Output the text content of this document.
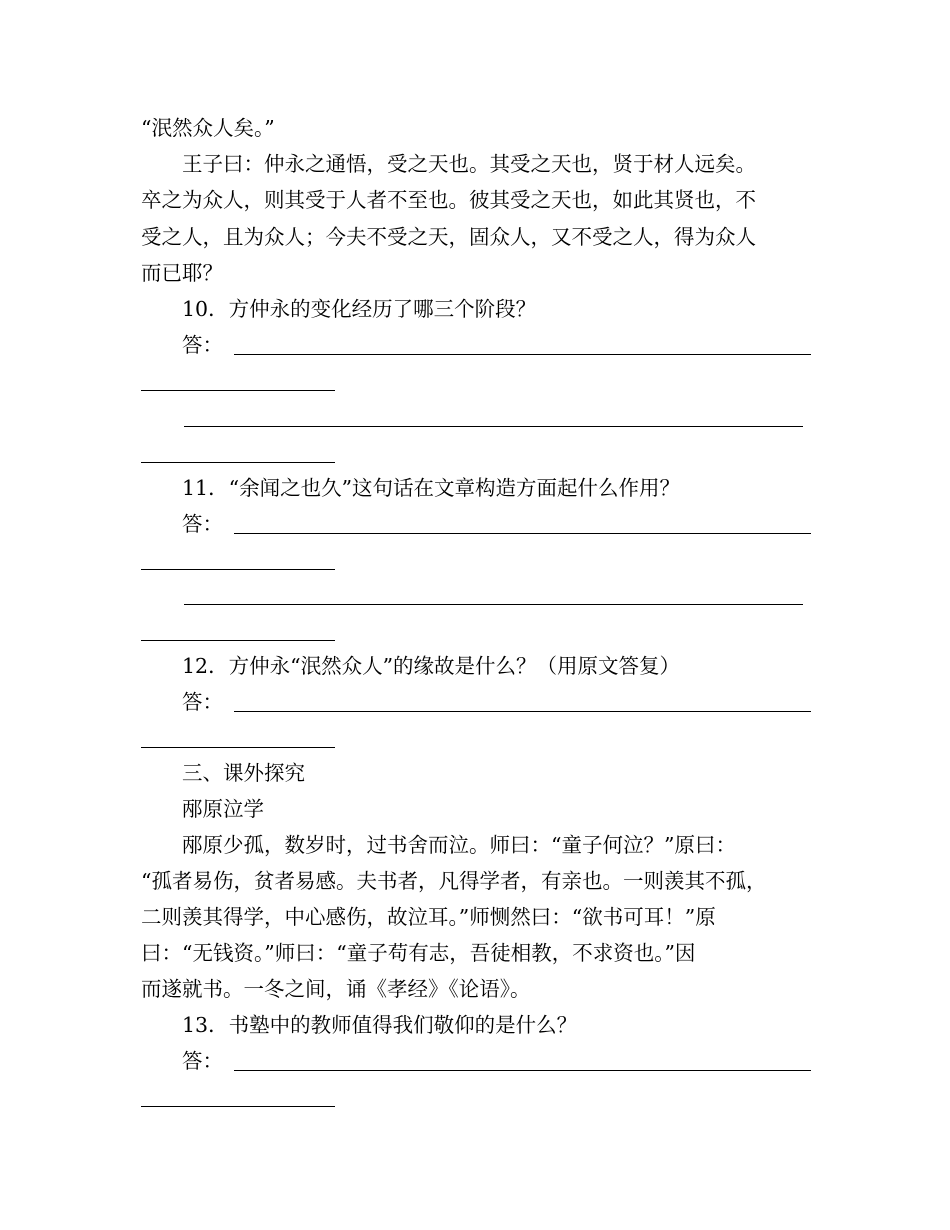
“泯然众人矣。”
王子曰：仲永之通悟，受之天也。其受之天也，贤于材人远矣。
卒之为众人，则其受于人者不至也。彼其受之天也，如此其贤也，不
受之人，且为众人；今夫不受之天，固众人，又不受之人，得为众人
而已耶？
10．方仲永的变化经历了哪三个阶段？
答：
11．“余闻之也久”这句话在文章构造方面起什么作用？
答：
12．方仲永“泯然众人”的缘故是什么？（用原文答复）
答：
三、课外探究
邴原泣学
邴原少孤，数岁时，过书舍而泣。师曰：“童子何泣？”原曰：
“孤者易伤，贫者易感。夫书者，凡得学者，有亲也。一则羡其不孤，
二则羡其得学，中心感伤，故泣耳。”师恻然曰：“欲书可耳！”原
曰：“无钱资。”师曰：“童子苟有志，吾徒相教，不求资也。”因
而遂就书。一冬之间，诵《孝经》《论语》。
13．书塾中的教师值得我们敬仰的是什么？
答：
